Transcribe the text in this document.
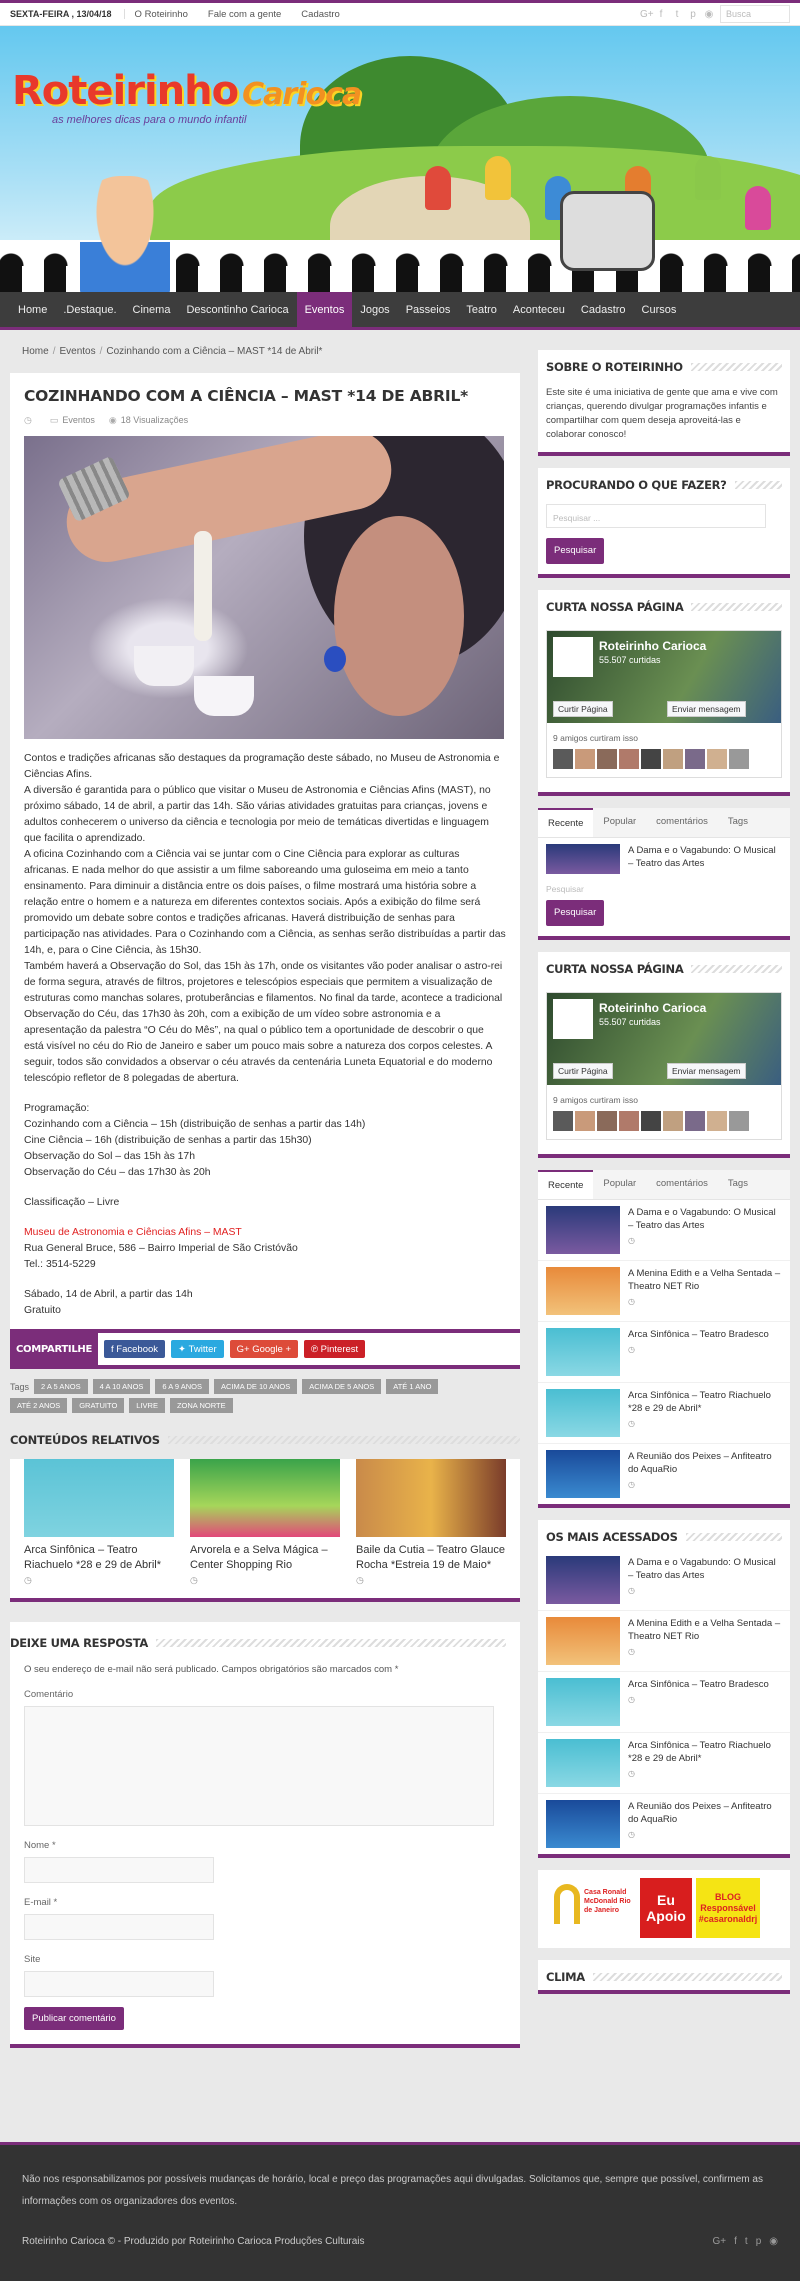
SEXTA-FEIRA , 13/04/18	O Roteirinho	Fale com a gente	Cadastro	G+ f	t	p ◉	Busca
Roteirinho Carioca
as melhores dicas para o mundo infantil
Home	.Destaque.	Cinema	Descontinho Carioca	Eventos	Jogos	Passeios	Teatro	Aconteceu	Cadastro	Cursos
Home / Eventos / Cozinhando com a Ciência – MAST *14 de Abril*
COZINHANDO COM A CIÊNCIA – MAST *14 DE ABRIL*
◷ ▭ Eventos ◉ 18 Visualizações

Contos e tradições africanas são destaques da programação deste sábado, no Museu de Astronomia e Ciências Afins.

A diversão é garantida para o público que visitar o Museu de Astronomia e Ciências Afins (MAST), no próximo sábado, 14 de abril, a partir das 14h. São várias atividades gratuitas para crianças, jovens e adultos conhecerem o universo da ciência e tecnologia por meio de temáticas divertidas e linguagem que facilita o aprendizado.

A oficina Cozinhando com a Ciência vai se juntar com o Cine Ciência para explorar as culturas africanas. E nada melhor do que assistir a um filme saboreando uma guloseima em meio a tanto ensinamento. Para diminuir a distância entre os dois países, o filme mostrará uma história sobre a relação entre o homem e a natureza em diferentes contextos sociais. Após a exibição do filme será promovido um debate sobre contos e tradições africanas. Haverá distribuição de senhas para participação nas atividades. Para o Cozinhando com a Ciência, as senhas serão distribuídas a partir das 14h, e, para o Cine Ciência, às 15h30.

Também haverá a Observação do Sol, das 15h às 17h, onde os visitantes vão poder analisar o astro-rei de forma segura, através de filtros, projetores e telescópios especiais que permitem a visualização de estruturas como manchas solares, protuberâncias e filamentos. No final da tarde, acontece a tradicional Observação do Céu, das 17h30 às 20h, com a exibição de um vídeo sobre astronomia e a apresentação da palestra “O Céu do Mês”, na qual o público tem a oportunidade de descobrir o que está visível no céu do Rio de Janeiro e saber um pouco mais sobre a natureza dos corpos celestes. A seguir, todos são convidados a observar o céu através da centenária Luneta Equatorial e do moderno telescópio refletor de 8 polegadas de abertura.

Programação:

Cozinhando com a Ciência – 15h (distribuição de senhas a partir das 14h)

Cine Ciência – 16h (distribuição de senhas a partir das 15h30)

Observação do Sol – das 15h às 17h

Observação do Céu – das 17h30 às 20h

Classificação – Livre

Museu de Astronomia e Ciências Afins – MAST

Rua General Bruce, 586 – Bairro Imperial de São Cristóvão

Tel.: 3514-5229

Sábado, 14 de Abril, a partir das 14h

Gratuito

COMPARTILHE	f Facebook ✦ Twitter G+ Google + ℗ Pinterest
Tags	2 A 5 ANOS	4 A 10 ANOS	6 A 9 ANOS	ACIMA DE 10 ANOS	ACIMA DE 5 ANOS	ATÉ 1 ANO
ATÉ 2 ANOS	GRATUITO	LIVRE	ZONA NORTE
CONTEÚDOS RELATIVOS
Arca Sinfônica – Teatro Riachuelo *28 e 29 de Abril*
◷
Arvorela e a Selva Mágica – Center Shopping Rio
◷
Baile da Cutia – Teatro Glauce Rocha *Estreia 19 de Maio*
◷
DEIXE UMA RESPOSTA
O seu endereço de e-mail não será publicado. Campos obrigatórios são marcados com *
Comentário
Nome *
E-mail *
Site
Publicar comentário
SOBRE O ROTEIRINHO
Este site é uma iniciativa de gente que ama e vive com crianças, querendo divulgar programações infantis e compartilhar com quem deseja aproveitá-las e colaborar conosco!
PROCURANDO O QUE FAZER?
Pesquisar ...
Pesquisar
CURTA NOSSA PÁGINA
Roteirinho Carioca
55.507 curtidas
Curtir Página	Enviar mensagem
9 amigos curtiram isso
Recente	Popular	comentários	Tags
A Dama e o Vagabundo: O Musical – Teatro das Artes
Pesquisar
Pesquisar
CURTA NOSSA PÁGINA
Roteirinho Carioca
55.507 curtidas
Curtir Página	Enviar mensagem
9 amigos curtiram isso
Recente	Popular	comentários	Tags
A Dama e o Vagabundo: O Musical – Teatro das Artes
◷
A Menina Edith e a Velha Sentada – Theatro NET Rio
◷
Arca Sinfônica – Teatro Bradesco
◷
Arca Sinfônica – Teatro Riachuelo *28 e 29 de Abril*
◷
A Reunião dos Peixes – Anfiteatro do AquaRio
◷
OS MAIS ACESSADOS
A Dama e o Vagabundo: O Musical – Teatro das Artes
◷
A Menina Edith e a Velha Sentada – Theatro NET Rio
◷
Arca Sinfônica – Teatro Bradesco
◷
Arca Sinfônica – Teatro Riachuelo *28 e 29 de Abril*
◷
A Reunião dos Peixes – Anfiteatro do AquaRio
◷
Casa Ronald McDonald Rio de Janeiro
Eu Apoio
BLOG Responsável #casaronaldrj
CLIMA
Não nos responsabilizamos por possíveis mudanças de horário, local e preço das programações aqui divulgadas. Solicitamos que, sempre que possível, confirmem as informações com os organizadores dos eventos.
Roteirinho Carioca © - Produzido por Roteirinho Carioca Produções Culturais	G+ f t p ◉
